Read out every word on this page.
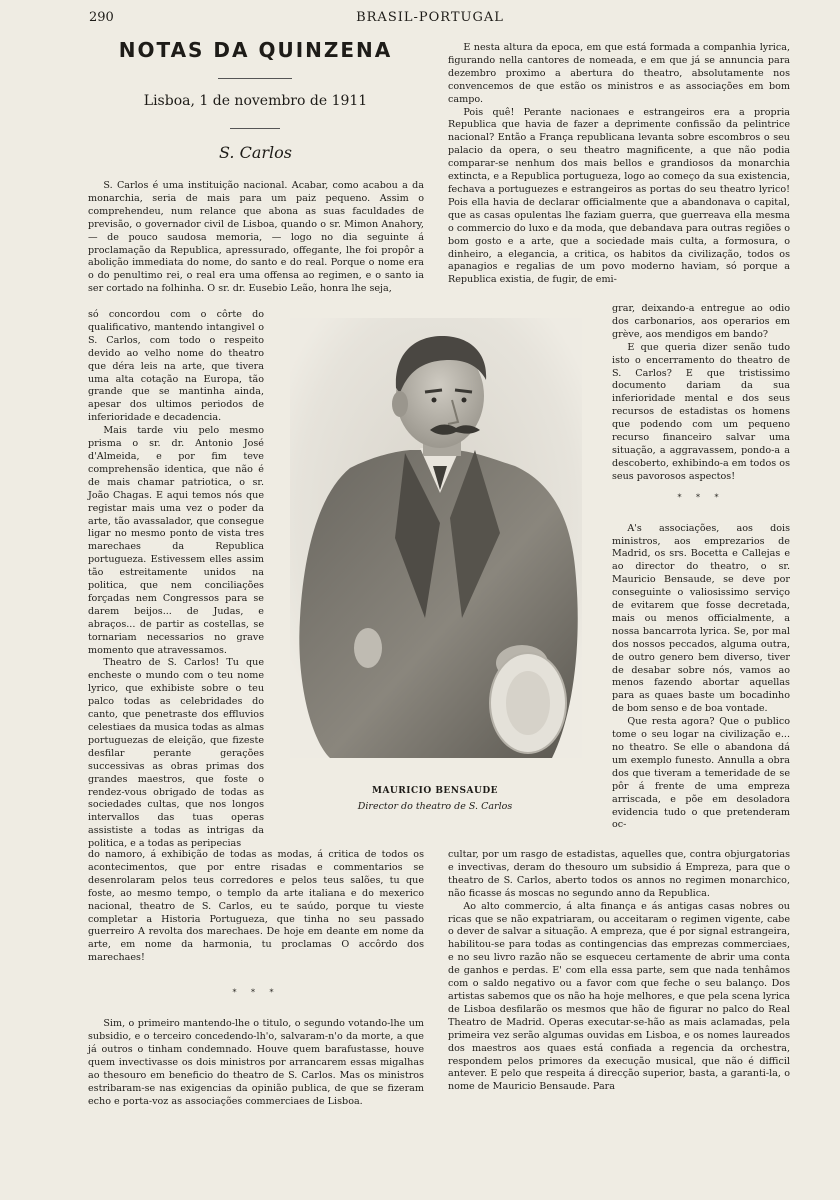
290	BRASIL-PORTUGAL
NOTAS DA QUINZENA
Lisboa, 1 de novembro de 1911
S. Carlos

S. Carlos é uma instituição nacional. Acabar, como acabou a da monarchia, seria de mais para um paiz pequeno. Assim o comprehendeu, num relance que abona as suas faculdades de previsão, o governador civil de Lisboa, quando o sr. Mimon Anahory, — de pouco saudosa memoria, — logo no dia seguinte á proclamação da Republica, apressurado, offegante, lhe foi propôr a abolição immediata do nome, do santo e do real. Porque o nome era o do penultimo rei, o real era uma offensa ao regimen, e o santo ia ser cortado na folhinha. O sr. dr. Eusebio Leão, honra lhe seja,

só concordou com o côrte do qualificativo, mantendo intangivel o S. Carlos, com todo o respeito devido ao velho nome do theatro que déra leis na arte, que tivera uma alta cotação na Europa, tão grande que se mantinha ainda, apesar dos ultimos periodos de inferioridade e decadencia.

Mais tarde viu pelo mesmo prisma o sr. dr. Antonio José d'Almeida, e por fim teve comprehensão identica, que não é de mais chamar patriotica, o sr. João Chagas. E aqui temos nós que registar mais uma vez o poder da arte, tão avassalador, que consegue ligar no mesmo ponto de vista tres marechaes da Republica portugueza. Estivessem elles assim tão estreitamente unidos na politica, que nem conciliações forçadas nem Congressos para se darem beijos... de Judas, e abraços... de partir as costellas, se tornariam necessarios no grave momento que atravessamos.

Theatro de S. Carlos! Tu que encheste o mundo com o teu nome lyrico, que exhibiste sobre o teu palco todas as celebridades do canto, que penetraste dos effluvios celestiaes da musica todas as almas portuguezas de eleição, que fizeste desfilar perante gerações successivas as obras primas dos grandes maestros, que foste o rendez-vous obrigado de todas as sociedades cultas, que nos longos intervallos das tuas operas assististe a todas as intrigas da politica, e a todas as peripecias

do namoro, á exhibição de todas as modas, á critica de todos os acontecimentos, que por entre risadas e commentarios se desenrolaram pelos teus corredores e pelos teus salões, tu que foste, ao mesmo tempo, o templo da arte italiana e do mexerico nacional, theatro de S. Carlos, eu te saúdo, porque tu vieste completar a Historia Portugueza, que tinha no seu passado guerreiro A revolta dos marechaes. De hoje em deante em nome da arte, em nome da harmonia, tu proclamas O accôrdo dos marechaes!

* * *

Sim, o primeiro mantendo-lhe o titulo, o segundo votando-lhe um subsidio, e o terceiro concedendo-lh'o, salvaram-n'o da morte, a que já outros o tinham condemnado. Houve quem barafustasse, houve quem invectivasse os dois ministros por arrancarem essas migalhas ao thesouro em beneficio do theatro de S. Carlos. Mas os ministros estribaram-se nas exigencias da opinião publica, de que se fizeram echo e porta-voz as associações commerciaes de Lisboa.

E nesta altura da epoca, em que está formada a companhia lyrica, figurando nella cantores de nomeada, e em que já se annuncia para dezembro proximo a abertura do theatro, absolutamente nos convencemos de que estão os ministros e as associações em bom campo.

Pois quê! Perante nacionaes e estrangeiros era a propria Republica que havia de fazer a deprimente confissão da pelintrice nacional? Então a França republicana levanta sobre escombros o seu palacio da opera, o seu theatro magnificente, a que não podia comparar-se nenhum dos mais bellos e grandiosos da monarchia extincta, e a Republica portugueza, logo ao começo da sua existencia, fechava a portuguezes e estrangeiros as portas do seu theatro lyrico! Pois ella havia de declarar officialmente que a abandonava o capital, que as casas opulentas lhe faziam guerra, que guerreava ella mesma o commercio do luxo e da moda, que debandava para outras regiões o bom gosto e a arte, que a sociedade mais culta, a formosura, o dinheiro, a elegancia, a critica, os habitos da civilização, todos os apanagios e regalias de um povo moderno haviam, só porque a Republica existia, de fugir, de emi-

grar, deixando-a entregue ao odio dos carbonarios, aos operarios em grève, aos mendigos em bando?

E que queria dizer senão tudo isto o encerramento do theatro de S. Carlos? E que tristissimo documento dariam da sua inferioridade mental e dos seus recursos de estadistas os homens que podendo com um pequeno recurso financeiro salvar uma situação, a aggravassem, pondo-a a descoberto, exhibindo-a em todos os seus pavorosos aspectos!

* * *

A's associações, aos dois ministros, aos emprezarios de Madrid, os srs. Bocetta e Callejas e ao director do theatro, o sr. Mauricio Bensaude, se deve por conseguinte o valiosissimo serviço de evitarem que fosse decretada, mais ou menos officialmente, a nossa bancarrota lyrica. Se, por mal dos nossos peccados, alguma outra, de outro genero bem diverso, tiver de desabar sobre nós, vamos ao menos fazendo abortar aquellas para as quaes baste um bocadinho de bom senso e de boa vontade.

Que resta agora? Que o publico tome o seu logar na civilização e... no theatro. Se elle o abandona dá um exemplo funesto. Annulla a obra dos que tiveram a temeridade de se pôr á frente de uma empreza arriscada, e põe em desoladora evidencia tudo o que pretenderam oc-

cultar, por um rasgo de estadistas, aquelles que, contra objurgatorias e invectivas, deram do thesouro um subsidio á Empreza, para que o theatro de S. Carlos, aberto todos os annos no regimen monarchico, não ficasse ás moscas no segundo anno da Republica.

Ao alto commercio, á alta finança e ás antigas casas nobres ou ricas que se não expatriaram, ou acceitaram o regimen vigente, cabe o dever de salvar a situação. A empreza, que é por signal estrangeira, habilitou-se para todas as contingencias das emprezas commerciaes, e no seu livro razão não se esqueceu certamente de abrir uma conta de ganhos e perdas. E' com ella essa parte, sem que nada tenhâmos com o saldo negativo ou a favor com que feche o seu balanço. Dos artistas sabemos que os não ha hoje melhores, e que pela scena lyrica de Lisboa desfilarão os mesmos que hão de figurar no palco do Real Theatro de Madrid. Operas executar-se-hão as mais aclamadas, pela primeira vez serão algumas ouvidas em Lisboa, e os nomes laureados dos maestros aos quaes está confiada a regencia da orchestra, respondem pelos primores da execução musical, que não é difficil antever. E pelo que respeita á direcção superior, basta, a garanti-la, o nome de Mauricio Bensaude. Para

MAURICIO BENSAUDE
Director do theatro de S. Carlos
